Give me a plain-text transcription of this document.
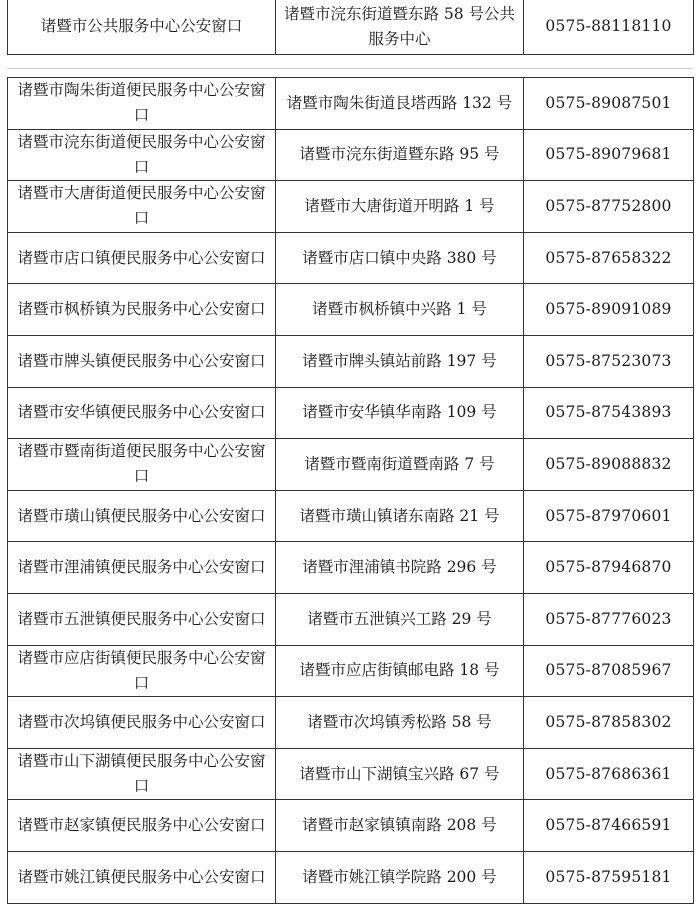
诸暨市公共服务中心公安窗口	诸暨市浣东街道暨东路 58 号公共服务中心	0575-88118110
诸暨市陶朱街道便民服务中心公安窗口	诸暨市陶朱街道艮塔西路 132 号	0575-89087501
诸暨市浣东街道便民服务中心公安窗口	诸暨市浣东街道暨东路 95 号	0575-89079681
诸暨市大唐街道便民服务中心公安窗口	诸暨市大唐街道开明路 1 号	0575-87752800
诸暨市店口镇便民服务中心公安窗口	诸暨市店口镇中央路 380 号	0575-87658322
诸暨市枫桥镇为民服务中心公安窗口	诸暨市枫桥镇中兴路 1 号	0575-89091089
诸暨市牌头镇便民服务中心公安窗口	诸暨市牌头镇站前路 197 号	0575-87523073
诸暨市安华镇便民服务中心公安窗口	诸暨市安华镇华南路 109 号	0575-87543893
诸暨市暨南街道便民服务中心公安窗口	诸暨市暨南街道暨南路 7 号	0575-89088832
诸暨市璜山镇便民服务中心公安窗口	诸暨市璜山镇诸东南路 21 号	0575-87970601
诸暨市浬浦镇便民服务中心公安窗口	诸暨市浬浦镇书院路 296 号	0575-87946870
诸暨市五泄镇便民服务中心公安窗口	诸暨市五泄镇兴工路 29 号	0575-87776023
诸暨市应店街镇便民服务中心公安窗口	诸暨市应店街镇邮电路 18 号	0575-87085967
诸暨市次坞镇便民服务中心公安窗口	诸暨市次坞镇秀松路 58 号	0575-87858302
诸暨市山下湖镇便民服务中心公安窗口	诸暨市山下湖镇宝兴路 67 号	0575-87686361
诸暨市赵家镇便民服务中心公安窗口	诸暨市赵家镇镇南路 208 号	0575-87466591
诸暨市姚江镇便民服务中心公安窗口	诸暨市姚江镇学院路 200 号	0575-87595181
